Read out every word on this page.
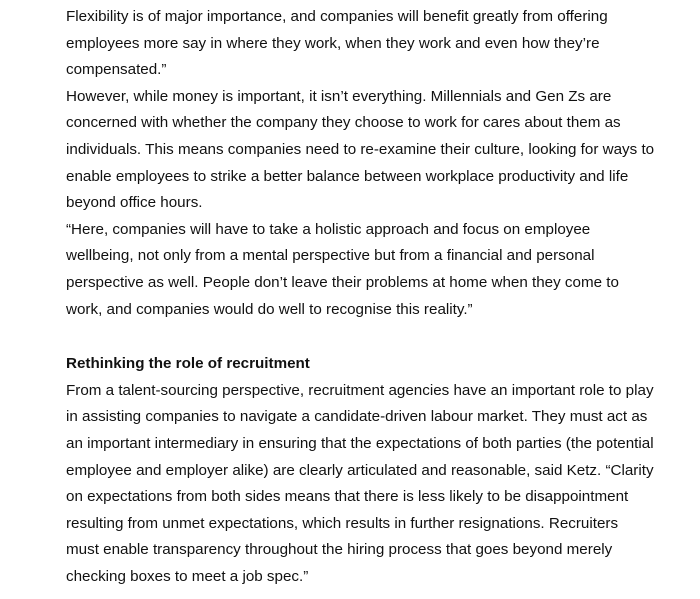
Flexibility is of major importance, and companies will benefit greatly from offering
employees more say in where they work, when they work and even how they’re
compensated.”

However, while money is important, it isn’t everything. Millennials and Gen Zs are
concerned with whether the company they choose to work for cares about them as
individuals. This means companies need to re-examine their culture, looking for ways to
enable employees to strike a better balance between workplace productivity and life
beyond office hours.

“Here, companies will have to take a holistic approach and focus on employee
wellbeing, not only from a mental perspective but from a financial and personal
perspective as well. People don’t leave their problems at home when they come to
work, and companies would do well to recognise this reality.”

Rethinking the role of recruitment
From a talent-sourcing perspective, recruitment agencies have an important role to play
in assisting companies to navigate a candidate-driven labour market. They must act as
an important intermediary in ensuring that the expectations of both parties (the potential
employee and employer alike) are clearly articulated and reasonable, said Ketz. “Clarity
on expectations from both sides means that there is less likely to be disappointment
resulting from unmet expectations, which results in further resignations. Recruiters
must enable transparency throughout the hiring process that goes beyond merely
checking boxes to meet a job spec.”
